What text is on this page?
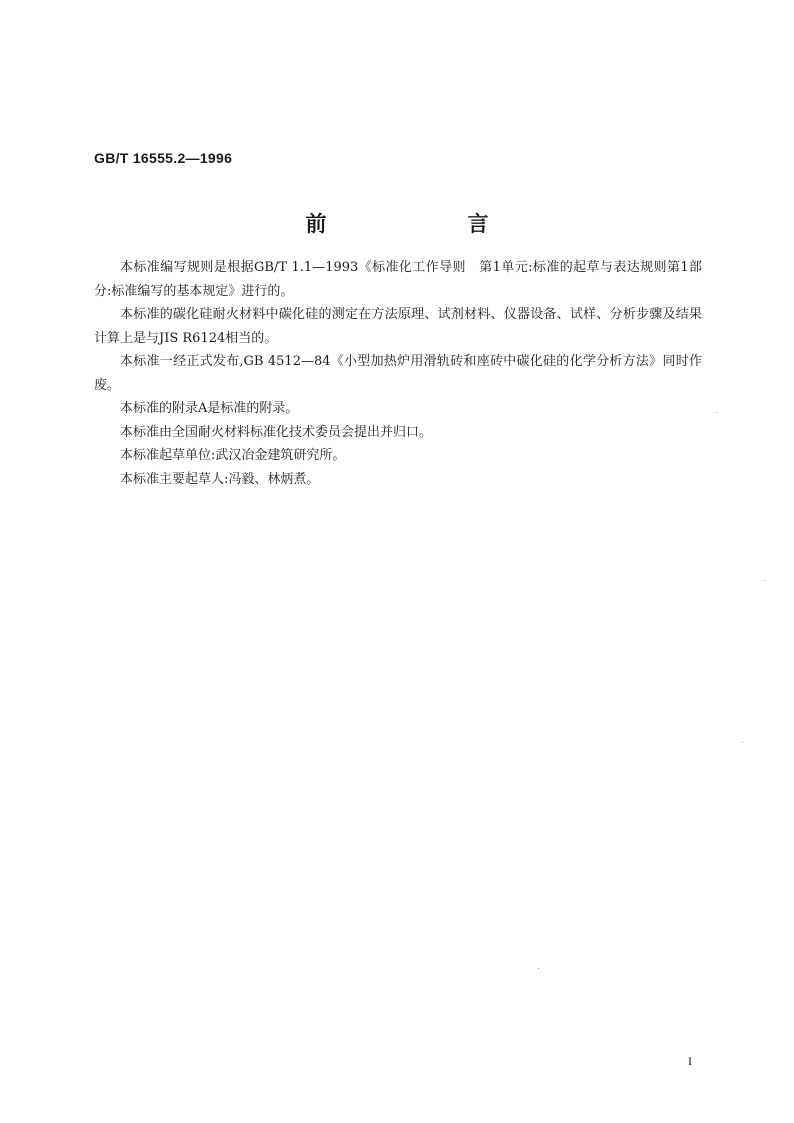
GB/T 16555.2—1996
前　言

本标准编写规则是根据GB/T 1.1—1993《标准化工作导则　第1单元:标准的起草与表达规则第1部分:标准编写的基本规定》进行的。

本标准的碳化硅耐火材料中碳化硅的测定在方法原理、试剂材料、仪器设备、试样、分析步骤及结果计算上是与JIS R6124相当的。

本标准一经正式发布,GB 4512—84《小型加热炉用滑轨砖和座砖中碳化硅的化学分析方法》同时作废。

本标准的附录A是标准的附录。

本标准由全国耐火材料标准化技术委员会提出并归口。

本标准起草单位:武汉冶金建筑研究所。

本标准主要起草人:冯毅、林炳煮。

I
